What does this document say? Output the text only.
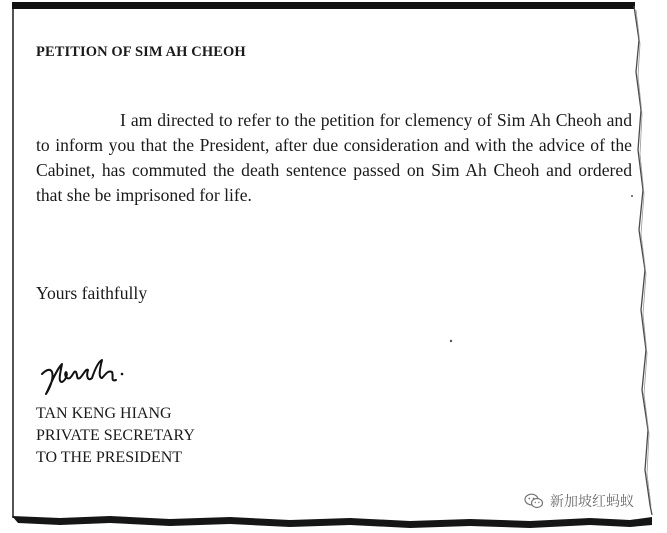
PETITION OF SIM AH CHEOH

I am directed to refer to the petition for clemency of Sim Ah Cheoh and to inform you that the President, after due consideration and with the advice of the Cabinet, has commuted the death sentence passed on Sim Ah Cheoh and ordered that she be imprisoned for life.

Yours faithfully

TAN KENG HIANG
PRIVATE SECRETARY
TO THE PRESIDENT
新加坡红蚂蚁
